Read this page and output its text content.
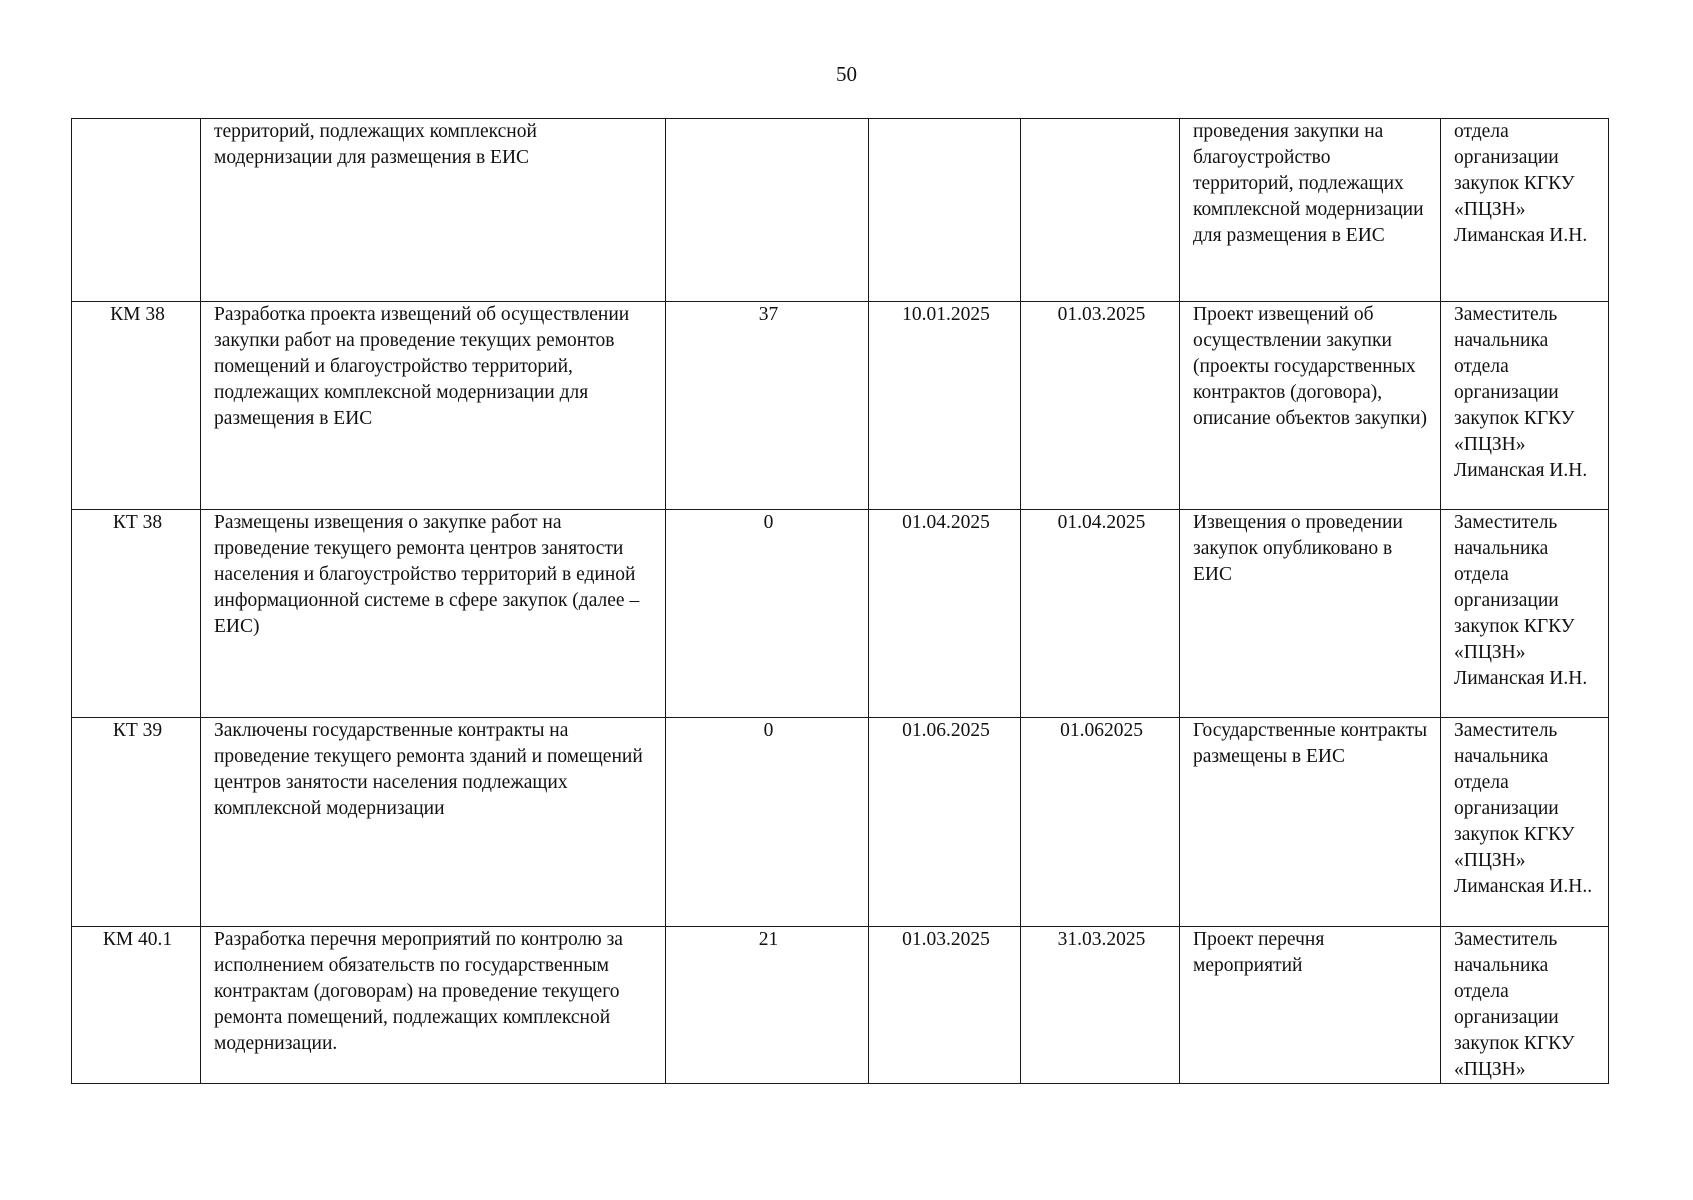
50
	территорий, подлежащих комплексной модернизации для размещения в ЕИС				проведения закупки на благоустройство территорий, подлежащих комплексной модернизации для размещения в ЕИС	отдела организации закупок КГКУ «ПЦЗН» Лиманская И.Н.
КМ 38	Разработка проекта извещений об осуществлении закупки работ на проведение текущих ремонтов помещений и благоустройство территорий, подлежащих комплексной модернизации для размещения в ЕИС	37	10.01.2025	01.03.2025	Проект извещений об осуществлении закупки (проекты государственных контрактов (договора), описание объектов закупки)	Заместитель начальника отдела организации закупок КГКУ «ПЦЗН» Лиманская И.Н.
КТ 38	Размещены извещения о закупке работ на проведение текущего ремонта центров занятости населения и благоустройство территорий в единой информационной системе в сфере закупок (далее – ЕИС)	0	01.04.2025	01.04.2025	Извещения о проведении закупок опубликовано в ЕИС	Заместитель начальника отдела организации закупок КГКУ «ПЦЗН» Лиманская И.Н.
КТ 39	Заключены государственные контракты на проведение текущего ремонта зданий и помещений центров занятости населения подлежащих комплексной модернизации	0	01.06.2025	01.062025	Государственные контракты размещены в ЕИС	Заместитель начальника отдела организации закупок КГКУ «ПЦЗН» Лиманская И.Н..
КМ 40.1	Разработка перечня мероприятий по контролю за исполнением обязательств по государственным контрактам (договорам) на проведение текущего ремонта помещений, подлежащих комплексной модернизации.	21	01.03.2025	31.03.2025	Проект перечня мероприятий	Заместитель начальника отдела организации закупок КГКУ «ПЦЗН»
